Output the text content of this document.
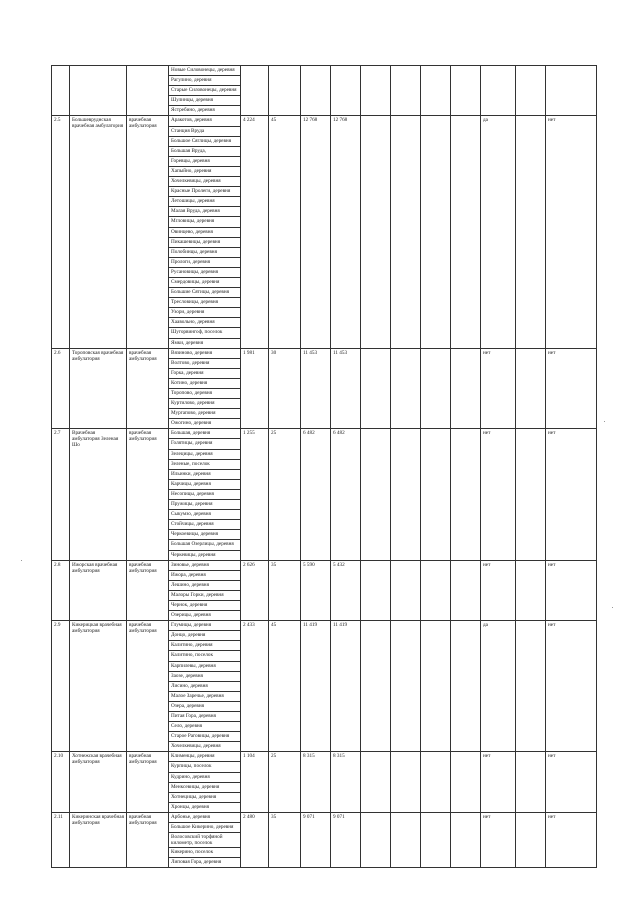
			Новые Силовонецы, деревня											
			Рагулино, деревня											
			Старые Силовонецы, деревня											
			Шулинцы, деревня											
			Ястребино, деревня											
2.5	Большевруднская врачебная амбулатория	врачебная амбулатория	Аракотов, деревня	4 224	45	12 768	12 768					да		нет
			Станция Вруда											
			Большое Сяглицы, деревня											
			Большая Вруда,											
			Горевцы, деревня											
			Хапыйно, деревня											
			Хочелкевицы, деревня											
			Красные Пролеги, деревня											
			Летошицы, деревня											
			Малая Вруда, деревня											
			Мгловицы, деревня											
			Овинцево, деревня											
			Пикашевицы, деревня											
			Полобинцы, деревня											
			Прологи, деревня											
			Русановицы, деревня											
			Смердовицы, деревня											
			Большие Сятицы, деревня											
			Тресловицы, деревня											
			Узори, деревня											
			Хаавольно, деревня											
			Шугорвингоф, поселок											
			Ямки, деревня											
2.6	Тороповская врачебная амбулатория	врачебная амбулатория	Вязиново, деревня	1 981	30	11 453	11 453					нет		нет
			Волтово, деревня											
			Горка, деревня											
			Котино, деревня											
			Торопово, деревня											
			Куртилово, деревня											
			Мургапово, деревня											
			Ожогино, деревня											
2.7	Врачебная амбулатория Зеленая Шо	врачебная амбулатория	Большая, деревня	1 255	25	6 482	6 482					нет		нет
			Голятицы, деревня											
			Зелецицы, деревня											
			Зеленые, поселок											
			Ильинки, деревня											
			Карчицы, деревня											
			Несопицы, деревня											
			Пружицы, деревня											
			Сыкумзо, деревня											
			Стойчицы, деревня											
			Черкоевицы, деревня											
			Большая Озерлицы, деревня											
			Черкевицы, деревня											
2.8	Ижорская врачебная амбулатория	врачебная амбулатория	Зиновье, деревня	2 626	35	5 590	5 432					нет		нет
			Ижора, деревня											
			Лешино, деревня											
			Малоры Горки, деревня											
			Чернок, деревня											
			Озерицы, деревня											
2.9	Кикерицкая врачебная амбулатория	врачебная амбулатория	Глумицы, деревня	2 433	45	11 419	11 419					да		нет
			Донцо, деревня											
			Калитино, деревня											
			Калитино, поселок											
			Карпилевы, деревня											
			Заозе, деревня											
			Лисино, деревня											
			Малое Заречье, деревня											
			Озера, деревня											
			Питая Гора, деревня											
			Село, деревня											
			Старое Раговицы, деревня											
			Хочелкевицы, деревня											
2.10	Хотнежская врачебная амбулатория	врачебная амбулатория	Клименцы, деревня	1 104	25	8 315	8 315					нет		нет
			Курпицы, поселок											
			Кудрино, деревня											
			Менксевицы, деревня											
			Хотнецицы, деревня											
			Хронцы, деревня											
2.11	Кикеринская врачебная амбулатория	врачебная амбулатория	Арбонье, деревня	2 480	35	9 071	9 071					нет		нет
			Большое Кикерино, деревня											
			Волосовский торфяной километр, поселок											
			Кикерино, поселок											
			Липовая Гора, деревня											
